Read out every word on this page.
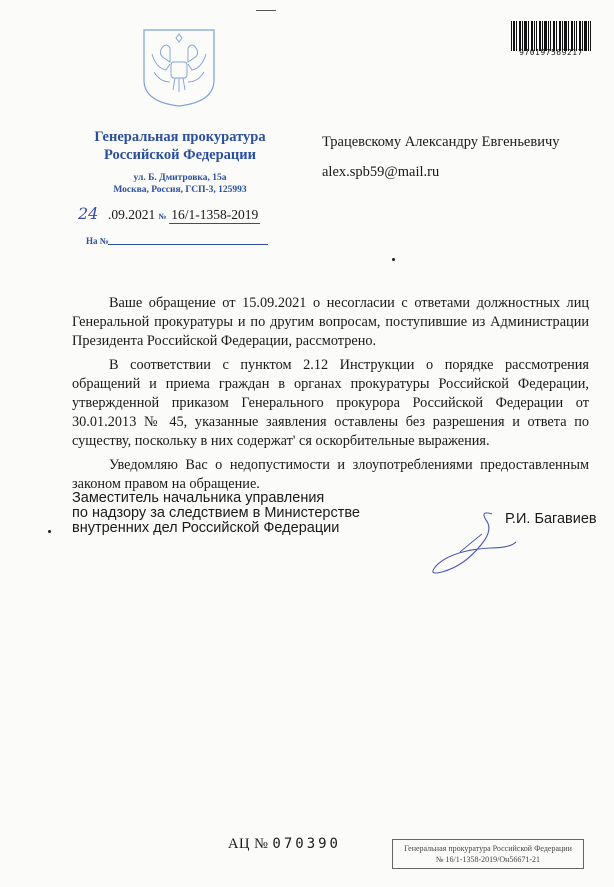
Генеральная прокуратура
Российской Федерации
ул. Б. Дмитровка, 15а
Москва, Россия, ГСП-3, 125993
24 .09.2021 № 16/1-1358-2019
На №
Трацевскому Александру Евгеньевичу
alex.spb59@mail.ru
970197569217

Ваше обращение от 15.09.2021 о несогласии с ответами должностных лиц Генеральной прокуратуры и по другим вопросам, поступившие из Администрации Президента Российской Федерации, рассмотрено.

В соответствии с пунктом 2.12 Инструкции о порядке рассмотрения обращений и приема граждан в органах прокуратуры Российской Федерации, утвержденной приказом Генерального прокурора Российской Федерации от 30.01.2013 № 45, указанные заявления оставлены без разрешения и ответа по существу, поскольку в них содержат' ся оскорбительные выражения.

Уведомляю Вас о недопустимости и злоупотреблениями предоставленным законом правом на обращение.

Заместитель начальника управления
по надзору за следствием в Министерстве
внутренних дел Российской Федерации
Р.И. Багавиев
АЦ № 070390	Генеральная прокуратура Российской Федерации
№ 16/1-1358-2019/Он56671-21
